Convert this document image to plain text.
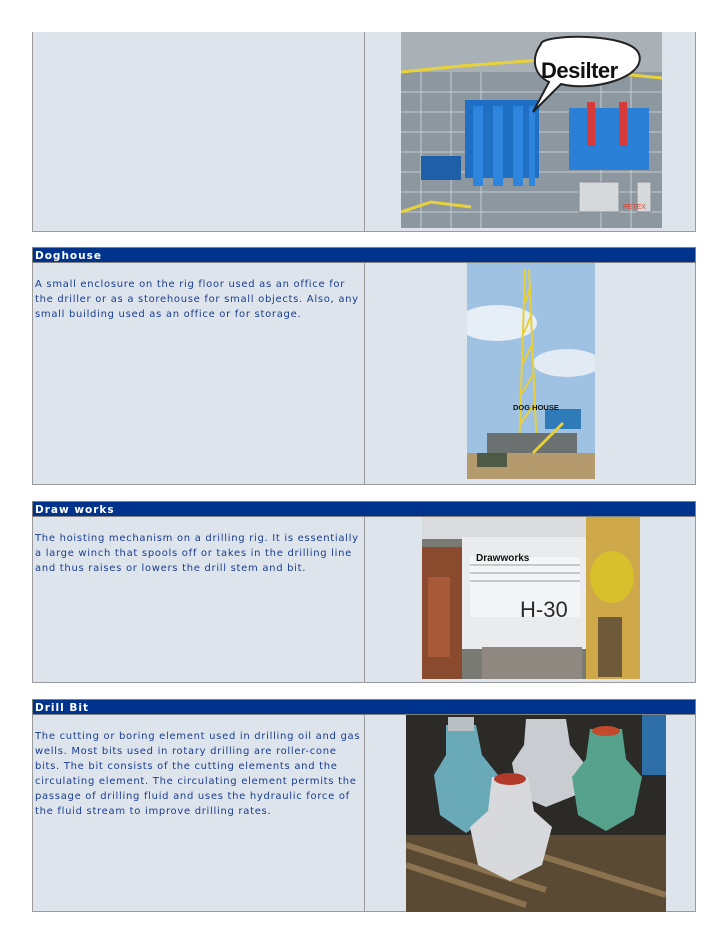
Desilter
PETEX
Doghouse
A small enclosure on the rig floor used as an office for the driller or as a storehouse for small objects. Also, any small building used as an office or for storage.
DOG HOUSE
Draw works
The hoisting mechanism on a drilling rig. It is essentially a large winch that spools off or takes in the drilling line and thus raises or lowers the drill stem and bit.
Drawworks
H-30
Drill Bit
The cutting or boring element used in drilling oil and gas wells. Most bits used in rotary drilling are roller-cone bits. The bit consists of the cutting elements and the circulating element. The circulating element permits the passage of drilling fluid and uses the hydraulic force of the fluid stream to improve drilling rates.
